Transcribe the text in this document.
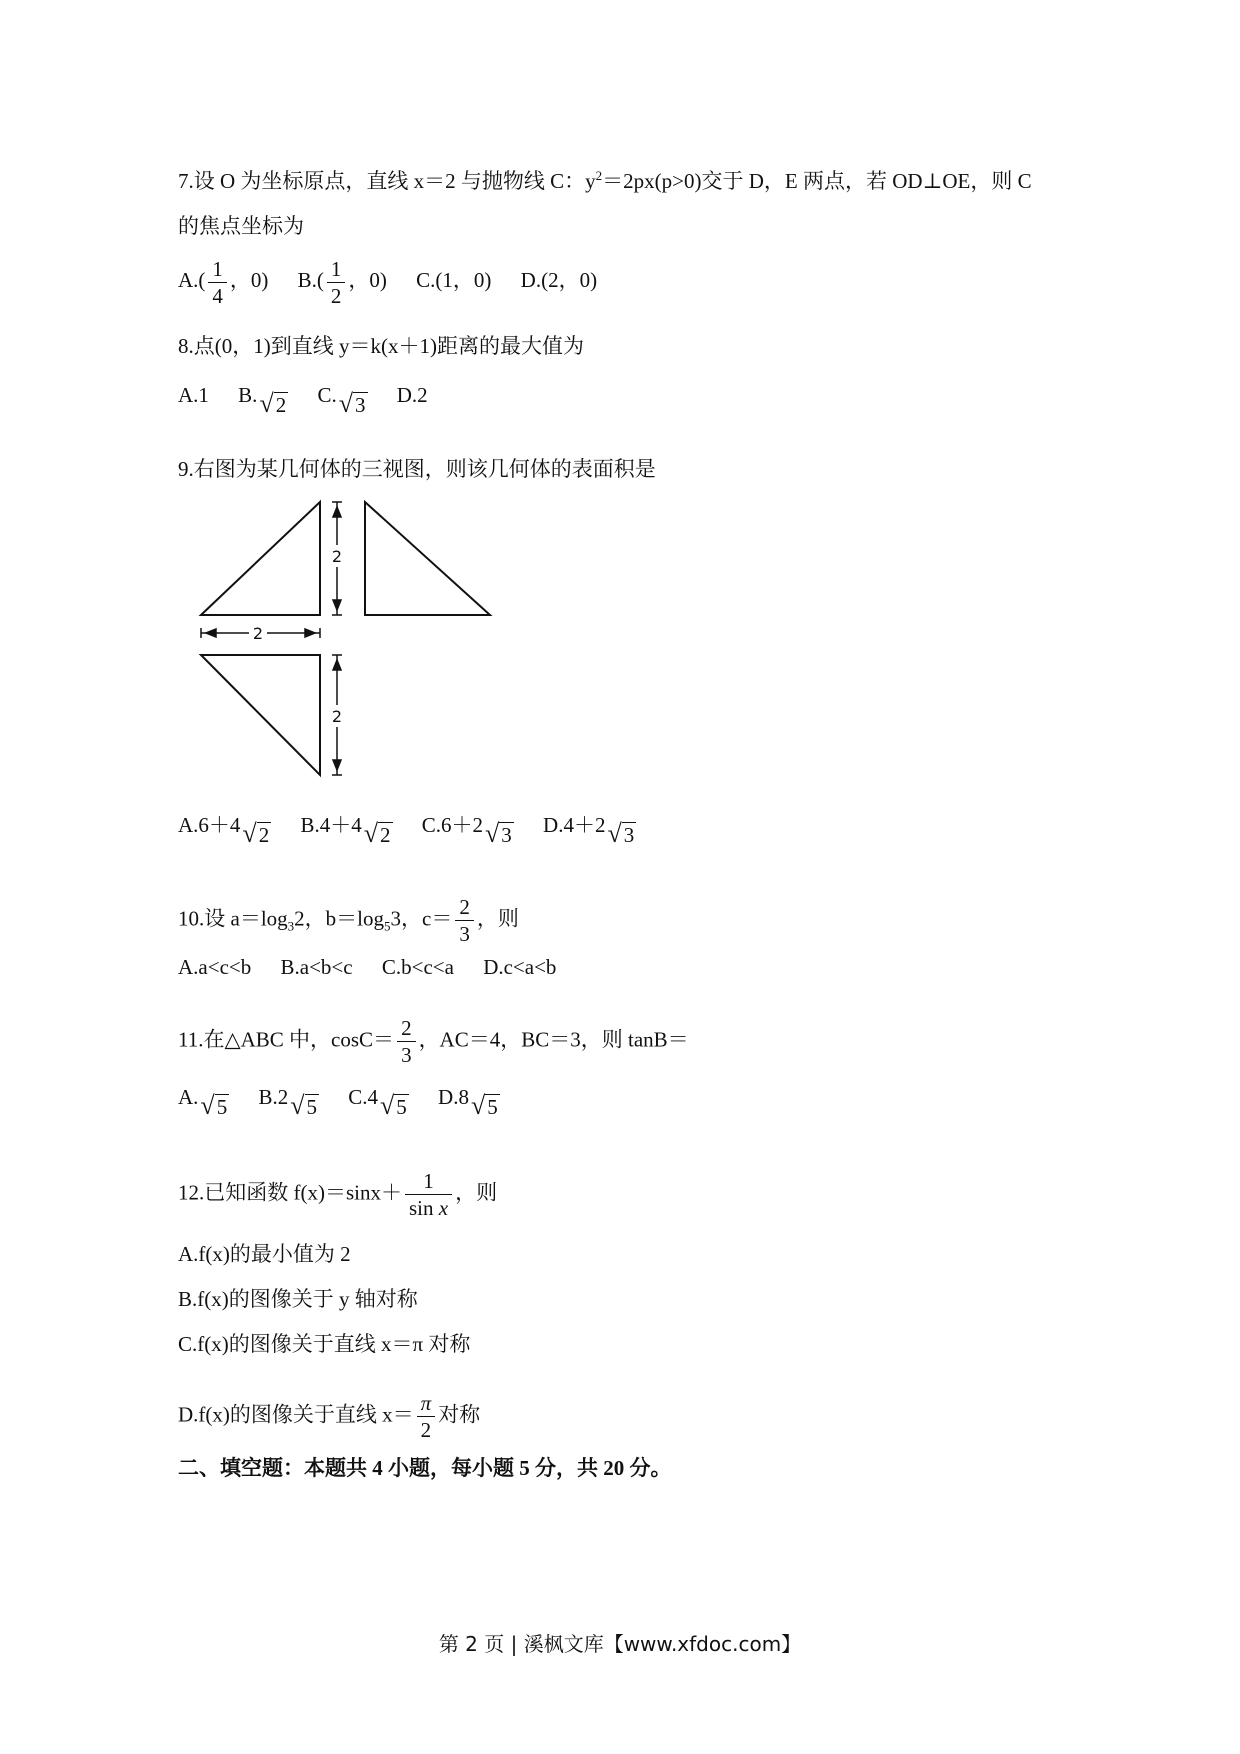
7.设 O 为坐标原点，直线 x＝2 与抛物线 C：$y^2=2px(p>0)$交于 D，E 两点，若 OD⊥OE，则 C
的焦点坐标为
$A.( \frac{1}{4}$ ，0) $B.( \frac{1}{2}$ ，0) C.(1，0) D.(2，0)
8.点(0，1)到直线 y＝k(x＋1)距离的最大值为
A.1 B.√2 C.√3 D.2
9.右图为某几何体的三视图，则该几何体的表面积是
2
2
2
A.6＋4√2 B.4＋4√2 C.6＋2√3 D.4＋2√3
10.设 $a=\log_32$，$b=\log_53$，$c= \frac{2}{3}$ ，则
A.a<c<b B.a<b<c C.b<c<a D.c<a<b
11.在△ABC 中，$\cos C= \frac{2}{3}$ ，AC＝4，BC＝3，则 tanB＝
A.√5 B.2√5 C.4√5 D.8√5
12.已知函数 $f(x)=\sin x+ \frac{1}{\text{sin x}}$ ，则
A.f(x)的最小值为 2
B.f(x)的图像关于 y 轴对称
C.f(x)的图像关于直线 x＝π 对称
D.f(x)的图像关于直线 $x= \frac{\pi}{2}$ 对称
二、填空题：本题共 4 小题，每小题 5 分，共 20 分。
第 2 页 | 溪枫文库【www.xfdoc.com】
